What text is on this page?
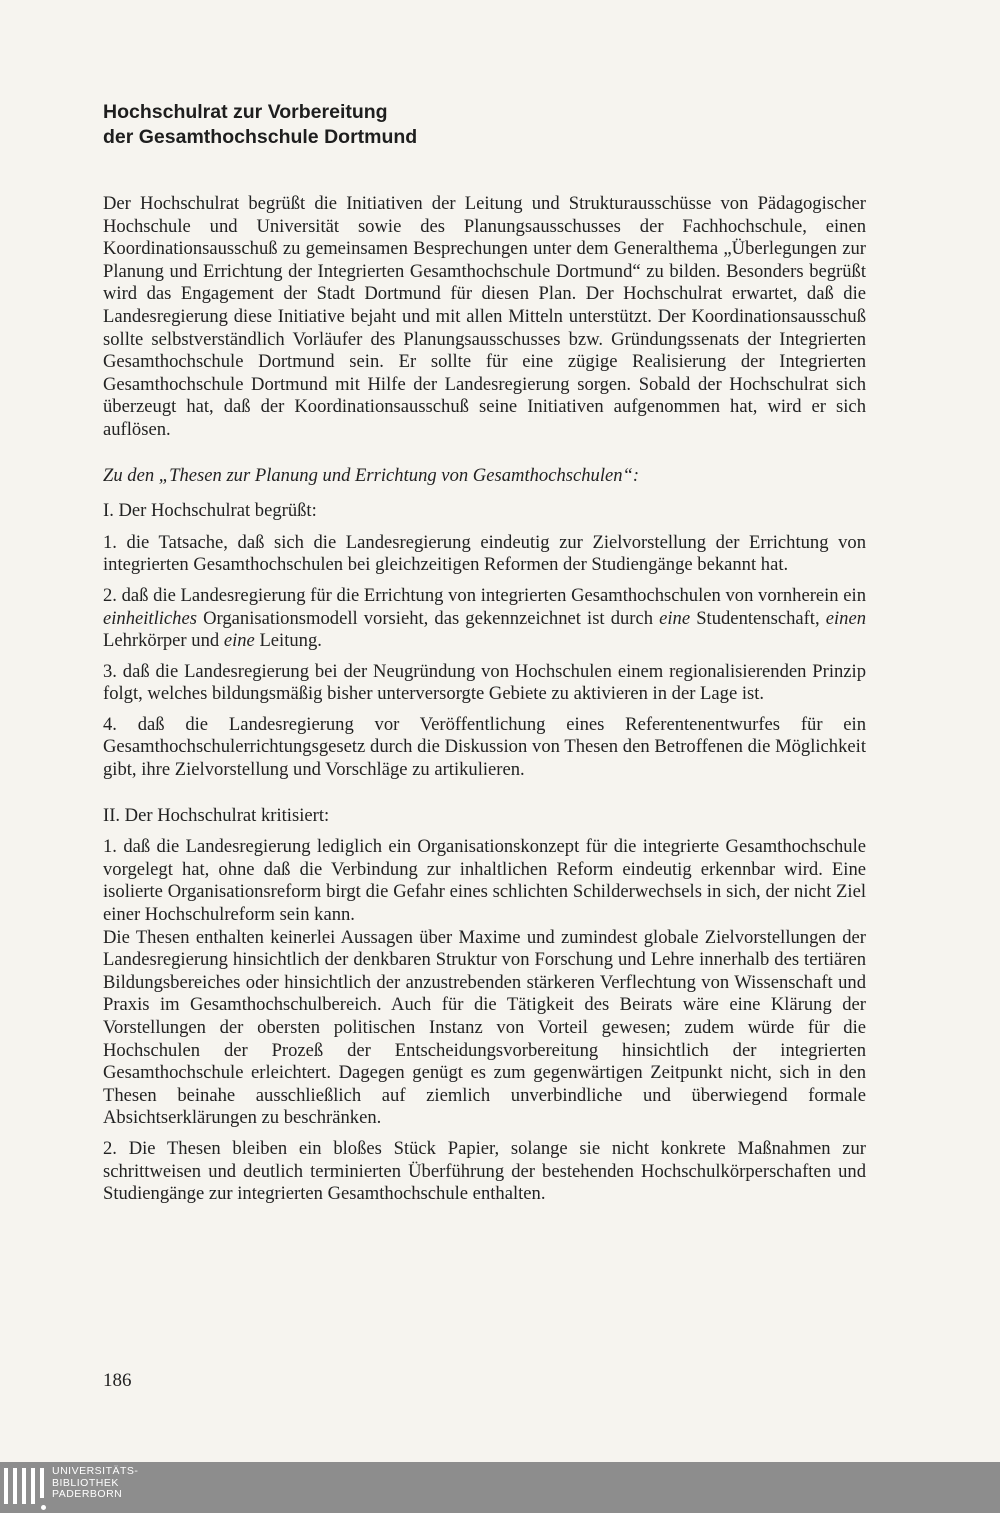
Hochschulrat zur Vorbereitung
der Gesamthochschule Dortmund

Der Hochschulrat begrüßt die Initiativen der Leitung und Strukturausschüsse von Pädagogischer Hochschule und Universität sowie des Planungsausschusses der Fachhochschule, einen Koordinationsausschuß zu gemeinsamen Besprechungen unter dem Generalthema „Überlegungen zur Planung und Errichtung der Integrierten Gesamthochschule Dortmund“ zu bilden. Besonders begrüßt wird das Engagement der Stadt Dortmund für diesen Plan. Der Hochschulrat erwartet, daß die Landesregierung diese Initiative bejaht und mit allen Mitteln unterstützt. Der Koordinationsausschuß sollte selbstverständlich Vorläufer des Planungsausschusses bzw. Gründungssenats der Integrierten Gesamthochschule Dortmund sein. Er sollte für eine zügige Realisierung der Integrierten Gesamthochschule Dortmund mit Hilfe der Landesregierung sorgen. Sobald der Hochschulrat sich überzeugt hat, daß der Koordinationsausschuß seine Initiativen aufgenommen hat, wird er sich auflösen.

Zu den „Thesen zur Planung und Errichtung von Gesamthochschulen“:

I. Der Hochschulrat begrüßt:

1. die Tatsache, daß sich die Landesregierung eindeutig zur Zielvorstellung der Errichtung von integrierten Gesamthochschulen bei gleichzeitigen Reformen der Studiengänge bekannt hat.

2. daß die Landesregierung für die Errichtung von integrierten Gesamthochschulen von vornherein ein einheitliches Organisationsmodell vorsieht, das gekennzeichnet ist durch eine Studentenschaft, einen Lehrkörper und eine Leitung.

3. daß die Landesregierung bei der Neugründung von Hochschulen einem regionalisierenden Prinzip folgt, welches bildungsmäßig bisher unterversorgte Gebiete zu aktivieren in der Lage ist.

4. daß die Landesregierung vor Veröffentlichung eines Referentenentwurfes für ein Gesamthochschulerrichtungsgesetz durch die Diskussion von Thesen den Betroffenen die Möglichkeit gibt, ihre Zielvorstellung und Vorschläge zu artikulieren.

II. Der Hochschulrat kritisiert:

1. daß die Landesregierung lediglich ein Organisationskonzept für die integrierte Gesamthochschule vorgelegt hat, ohne daß die Verbindung zur inhaltlichen Reform eindeutig erkennbar wird. Eine isolierte Organisationsreform birgt die Gefahr eines schlichten Schilderwechsels in sich, der nicht Ziel einer Hochschulreform sein kann.

Die Thesen enthalten keinerlei Aussagen über Maxime und zumindest globale Zielvorstellungen der Landesregierung hinsichtlich der denkbaren Struktur von Forschung und Lehre innerhalb des tertiären Bildungsbereiches oder hinsichtlich der anzustrebenden stärkeren Verflechtung von Wissenschaft und Praxis im Gesamthochschulbereich. Auch für die Tätigkeit des Beirats wäre eine Klärung der Vorstellungen der obersten politischen Instanz von Vorteil gewesen; zudem würde für die Hochschulen der Prozeß der Entscheidungsvorbereitung hinsichtlich der integrierten Gesamthochschule erleichtert. Dagegen genügt es zum gegenwärtigen Zeitpunkt nicht, sich in den Thesen beinahe ausschließlich auf ziemlich unverbindliche und überwiegend formale Absichtserklärungen zu beschränken.

2. Die Thesen bleiben ein bloßes Stück Papier, solange sie nicht konkrete Maßnahmen zur schrittweisen und deutlich terminierten Überführung der bestehenden Hochschulkörperschaften und Studiengänge zur integrierten Gesamthochschule enthalten.

186
UNIVERSITÄTS-
BIBLIOTHEK
PADERBORN
